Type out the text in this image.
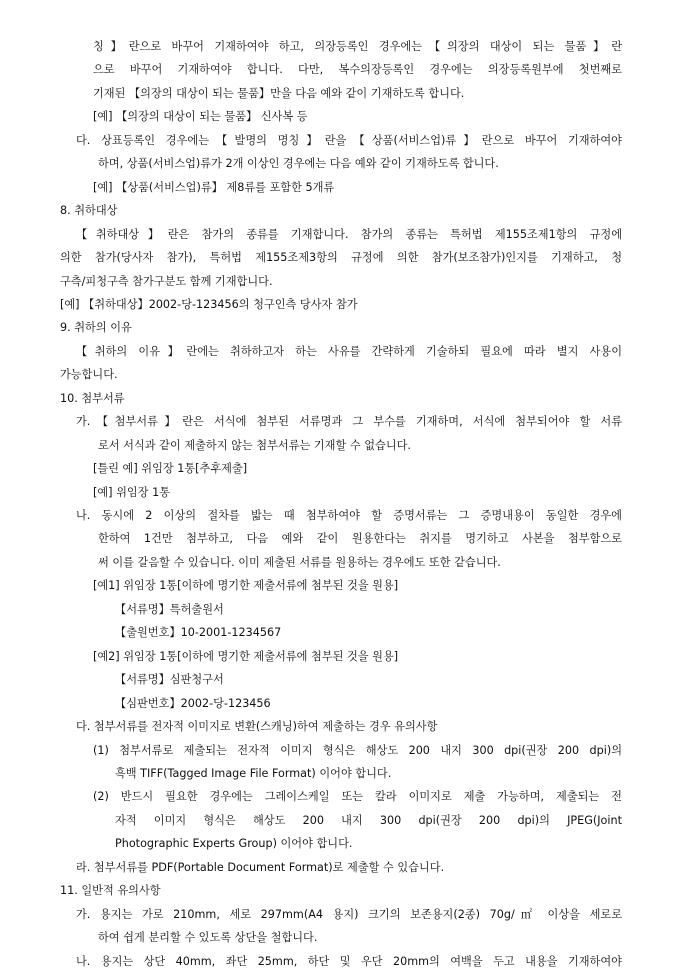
칭】란으로 바꾸어 기재하여야 하고, 의장등록인 경우에는【의장의 대상이 되는 물품】란
으로 바꾸어 기재하여야 합니다. 다만, 복수의장등록인 경우에는 의장등록원부에 첫번째로
기재된 【의장의 대상이 되는 물품】만을 다음 예와 같이 기재하도록 합니다.
[예] 【의장의 대상이 되는 물품】 신사복 등
다. 상표등록인 경우에는【발명의 명칭】란을【상품(서비스업)류】란으로 바꾸어 기재하여야
하며, 상품(서비스업)류가 2개 이상인 경우에는 다음 예와 같이 기재하도록 합니다.
[예] 【상품(서비스업)류】 제8류를 포함한 5개류
8. 취하대상
【취하대상】란은 참가의 종류를 기재합니다. 참가의 종류는 특허법 제155조제1항의 규정에
의한 참가(당사자 참가), 특허법 제155조제3항의 규정에 의한 참가(보조참가)인지를 기재하고, 청
구측/피청구측 참가구분도 함께 기재합니다.
[예] 【취하대상】2002-당-123456의 청구인측 당사자 참가
9. 취하의 이유
【취하의 이유】란에는 취하하고자 하는 사유를 간략하게 기술하되 필요에 따라 별지 사용이
가능합니다.
10. 첨부서류
가.【첨부서류】란은 서식에 첨부된 서류명과 그 부수를 기재하며, 서식에 첨부되어야 할 서류
로서 서식과 같이 제출하지 않는 첨부서류는 기재할 수 없습니다.
[틀린 예] 위임장 1통[추후제출]
[예] 위임장 1통
나. 동시에 2 이상의 절차를 밟는 때 첨부하여야 할 증명서류는 그 증명내용이 동일한 경우에
한하여 1건만 첨부하고, 다음 예와 같이 원용한다는 취지를 명기하고 사본을 첨부함으로
써 이를 갈음할 수 있습니다. 이미 제출된 서류를 원용하는 경우에도 또한 같습니다.
[예1] 위임장 1통[이하에 명기한 제출서류에 첨부된 것을 원용]
【서류명】특허출원서
【출원번호】10-2001-1234567
[예2] 위임장 1통[이하에 명기한 제출서류에 첨부된 것을 원용]
【서류명】심판청구서
【심판번호】2002-당-123456
다. 첨부서류를 전자적 이미지로 변환(스캐닝)하여 제출하는 경우 유의사항
(1) 첨부서류로 제출되는 전자적 이미지 형식은 해상도 200 내지 300 dpi(권장 200 dpi)의
흑백 TIFF(Tagged Image File Format) 이어야 합니다.
(2) 반드시 필요한 경우에는 그레이스케일 또는 칼라 이미지로 제출 가능하며, 제출되는 전
자적 이미지 형식은 해상도 200 내지 300 dpi(권장 200 dpi)의 JPEG(Joint
Photographic Experts Group) 이어야 합니다.
라. 첨부서류를 PDF(Portable Document Format)로 제출할 수 있습니다.
11. 일반적 유의사항
가. 용지는 가로 210mm, 세로 297mm(A4 용지) 크기의 보존용지(2종) 70g/㎡ 이상을 세로로
하여 쉽게 분리할 수 있도록 상단을 철합니다.
나. 용지는 상단 40mm, 좌단 25mm, 하단 및 우단 20mm의 여백을 두고 내용을 기재하여야
